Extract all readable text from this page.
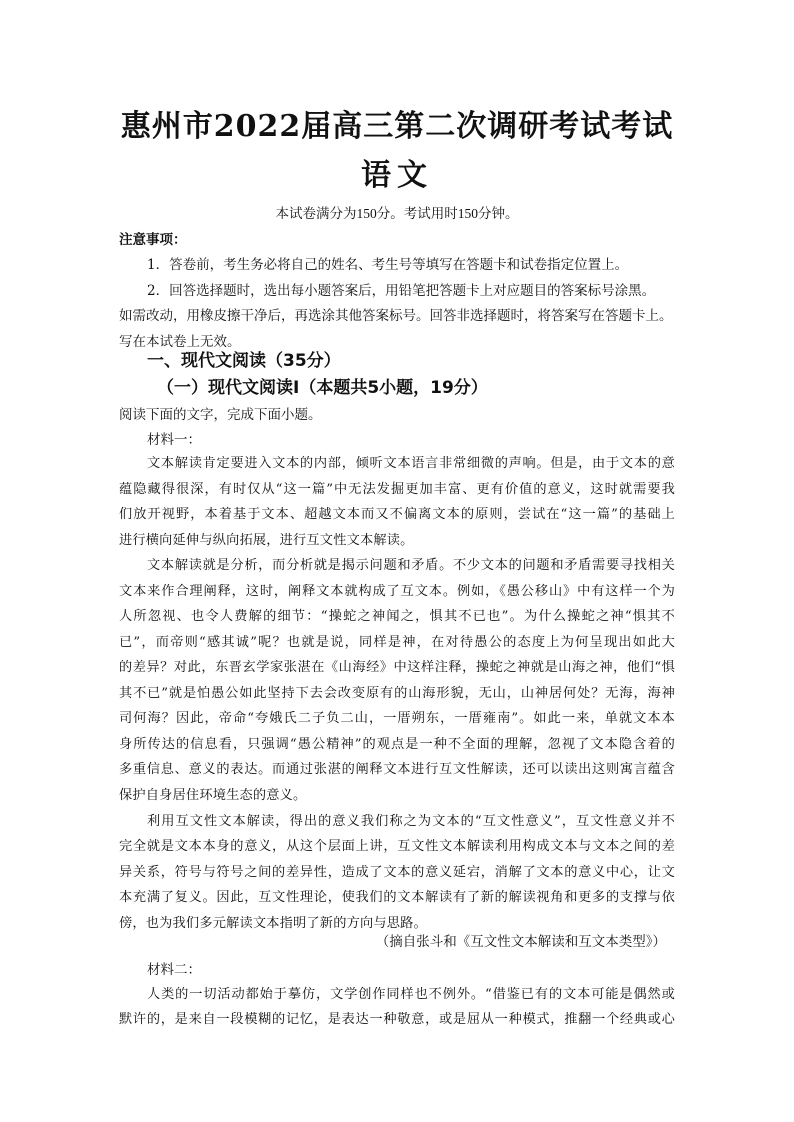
惠州市2022届高三第二次调研考试考试
语文
本试卷满分为150分。考试用时150分钟。
注意事项：
1．答卷前，考生务必将自己的姓名、考生号等填写在答题卡和试卷指定位置上。
2．回答选择题时，选出每小题答案后，用铅笔把答题卡上对应题目的答案标号涂黑。
如需改动，用橡皮擦干净后，再选涂其他答案标号。回答非选择题时，将答案写在答题卡上。
写在本试卷上无效。
一、现代文阅读（35分）
（一）现代文阅读Ⅰ（本题共5小题，19分）
阅读下面的文字，完成下面小题。
材料一：
文本解读肯定要进入文本的内部，倾听文本语言非常细微的声响。但是，由于文本的意
蕴隐藏得很深，有时仅从“这一篇”中无法发掘更加丰富、更有价值的意义，这时就需要我
们放开视野，本着基于文本、超越文本而又不偏离文本的原则，尝试在“这一篇”的基础上
进行横向延伸与纵向拓展，进行互文性文本解读。
文本解读就是分析，而分析就是揭示问题和矛盾。不少文本的问题和矛盾需要寻找相关
文本来作合理阐释，这时，阐释文本就构成了互文本。例如，《愚公移山》中有这样一个为
人所忽视、也令人费解的细节：“操蛇之神闻之，惧其不已也”。为什么操蛇之神“惧其不
已”，而帝则“感其诚”呢？也就是说，同样是神，在对待愚公的态度上为何呈现出如此大
的差异？对此，东晋玄学家张湛在《山海经》中这样注释，操蛇之神就是山海之神，他们“惧
其不已”就是怕愚公如此坚持下去会改变原有的山海形貌，无山，山神居何处？无海，海神
司何海？因此，帝命“夸娥氏二子负二山，一厝朔东，一厝雍南”。如此一来，单就文本本
身所传达的信息看，只强调“愚公精神”的观点是一种不全面的理解，忽视了文本隐含着的
多重信息、意义的表达。而通过张湛的阐释文本进行互文性解读，还可以读出这则寓言蕴含
保护自身居住环境生态的意义。
利用互文性文本解读，得出的意义我们称之为文本的“互文性意义”，互文性意义并不
完全就是文本本身的意义，从这个层面上讲，互文性文本解读利用构成文本与文本之间的差
异关系，符号与符号之间的差异性，造成了文本的意义延宕，消解了文本的意义中心，让文
本充满了复义。因此，互文性理论，使我们的文本解读有了新的解读视角和更多的支撑与依
傍，也为我们多元解读文本指明了新的方向与思路。
（摘自张斗和《互文性文本解读和互文本类型》）
材料二：
人类的一切活动都始于摹仿，文学创作同样也不例外。“借鉴已有的文本可能是偶然或
默许的，是来自一段模糊的记忆，是表达一种敬意，或是屈从一种模式，推翻一个经典或心
